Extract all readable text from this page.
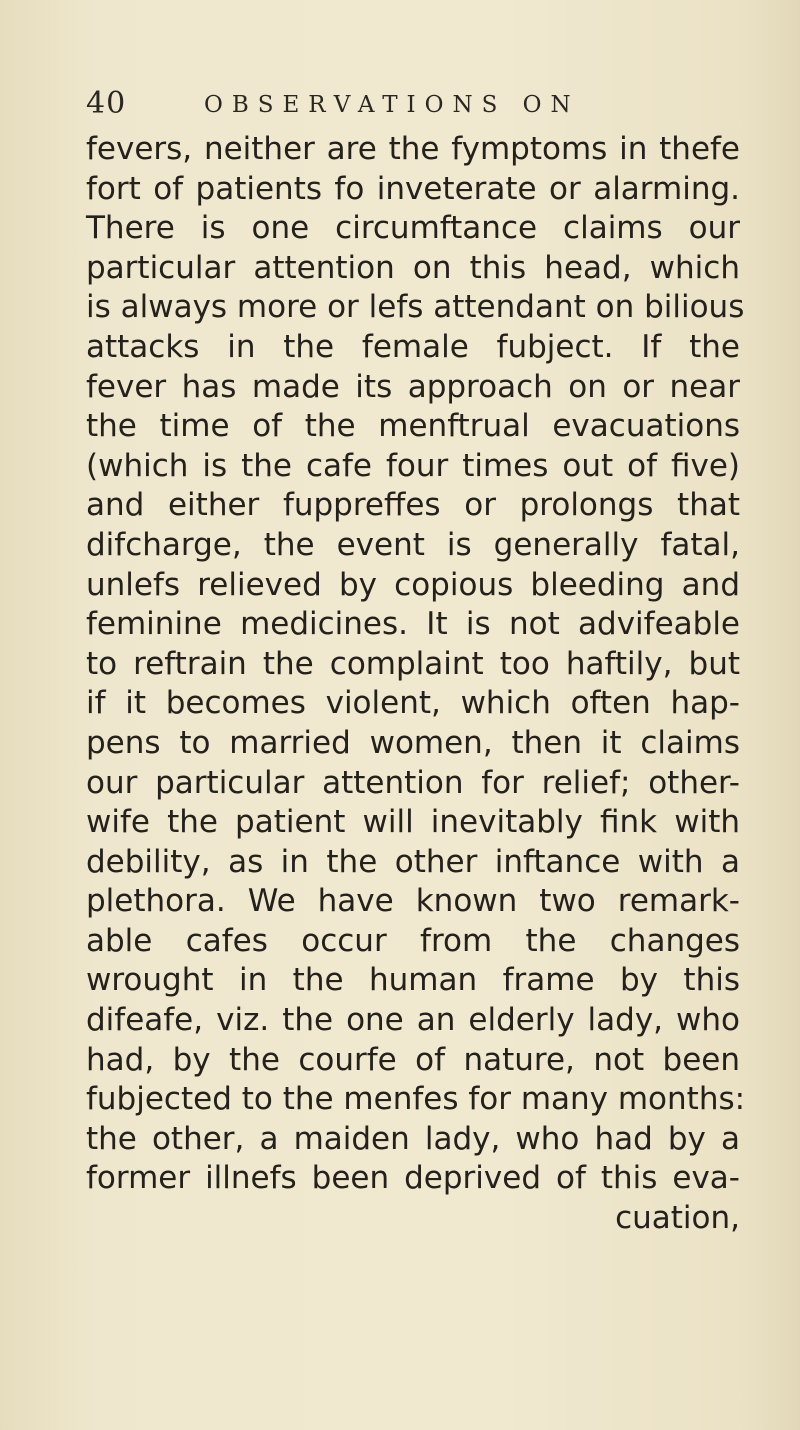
40	OBSERVATIONS ON
fevers, neither are the fymptoms in thefe
fort of patients fo inveterate or alarming.
There is one circumftance claims our
particular attention on this head, which
is always more or lefs attendant on bilious
attacks in the female fubject. If the
fever has made its approach on or near
the time of the menftrual evacuations
(which is the cafe four times out of five)
and either fuppreffes or prolongs that
difcharge, the event is generally fatal,
unlefs relieved by copious bleeding and
feminine medicines. It is not advifeable
to reftrain the complaint too haftily, but
if it becomes violent, which often hap-
pens to married women, then it claims
our particular attention for relief; other-
wife the patient will inevitably fink with
debility, as in the other inftance with a
plethora. We have known two remark-
able cafes occur from the changes
wrought in the human frame by this
difeafe, viz. the one an elderly lady, who
had, by the courfe of nature, not been
fubjected to the menfes for many months:
the other, a maiden lady, who had by a
former illnefs been deprived of this eva-
cuation,
